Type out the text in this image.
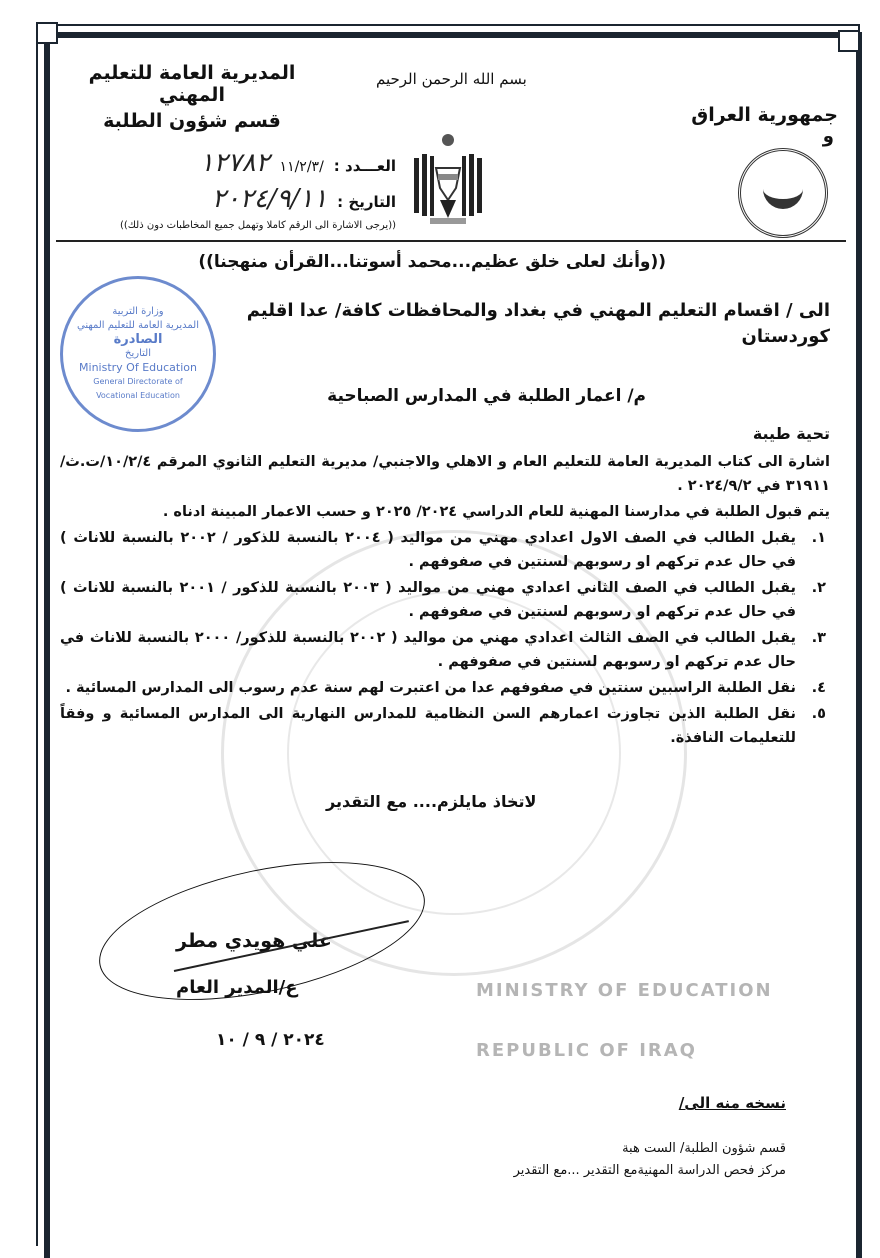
REPUBLIC OF IRAQ
MINISTRY OF EDUCATION
جمهورية العراق
و
بسم الله الرحمن الرحيم
المديرية العامة للتعليم المهني
قسم شؤون الطلبة
العـــدد :
١١/٢/٣/
١٢٧٨٢
التاريخ :
٢٠٢٤/٩/١١
((يرجى الاشارة الى الرقم كاملا وتهمل جميع المخاطبات دون ذلك))
((وأنك لعلى خلق عظيم...محمد أسوتنا...القرأن منهجنا))
وزارة التربية
المديرية العامة للتعليم المهني
الصادرة
التاريخ
Ministry Of Education
General Directorate of Vocational Education
الى / اقسام التعليم المهني في بغداد والمحافظات كافة/ عدا اقليم كوردستان
م/ اعمار الطلبة في المدارس الصباحية
تحية طيبة

اشارة الى كتاب المديرية العامة للتعليم العام و الاهلي والاجنبي/ مديرية التعليم الثانوي المرقم ١٠/٢/٤/ت.ث/٣١٩١١ في ٢٠٢٤/٩/٢ .

يتم قبول الطلبة في مدارسنا المهنية للعام الدراسي ٢٠٢٤/ ٢٠٢٥ و حسب الاعمار المبينة ادناه .

١.
يقبل الطالب في الصف الاول اعدادي مهني من مواليد ( ٢٠٠٤ بالنسبة للذكور / ٢٠٠٢ بالنسبة للاناث ) في حال عدم تركهم او رسوبهم لسنتين في صفوفهم .
٢.
يقبل الطالب في الصف الثاني اعدادي مهني من مواليد ( ٢٠٠٣ بالنسبة للذكور / ٢٠٠١ بالنسبة للاناث ) في حال عدم تركهم او رسوبهم لسنتين في صفوفهم .
٣.
يقبل الطالب في الصف الثالث اعدادي مهني من مواليد ( ٢٠٠٢ بالنسبة للذكور/ ٢٠٠٠ بالنسبة للاناث في حال عدم تركهم او رسوبهم لسنتين في صفوفهم .
٤.
نقل الطلبة الراسبين سنتين في صفوفهم عدا من اعتبرت لهم سنة عدم رسوب الى المدارس المسائية .
٥.
نقل الطلبة الذين تجاوزت اعمارهم السن النظامية للمدارس النهارية الى المدارس المسائية و وفقاً للتعليمات النافذة.
لاتخاذ مايلزم.... مع التقدير
علي هويدي مطر
ع/المدير العام
٢٠٢٤ / ٩ / ١٠
نسخه منه الى/
قسم شؤون الطلبة/ الست هبة
مركز فحص الدراسة المهنيةمع التقدير ...مع التقدير
